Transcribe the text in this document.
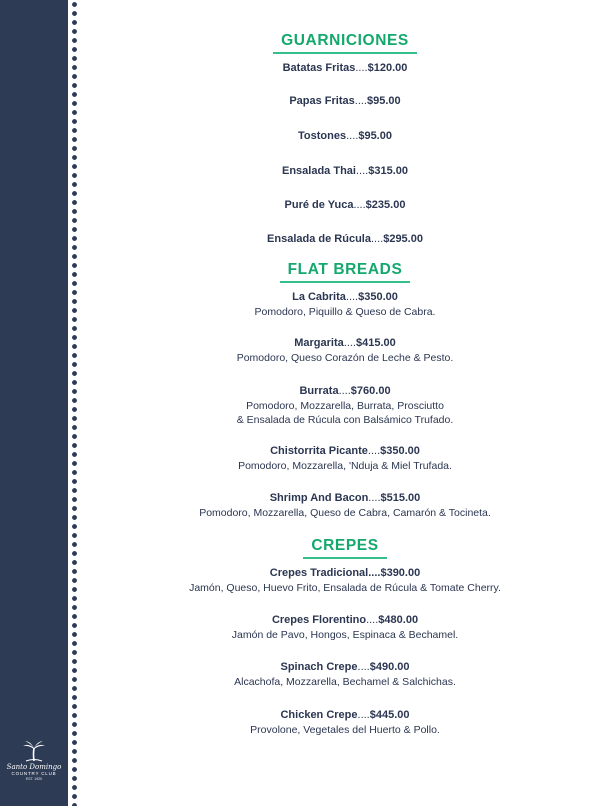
Santo Domingo
COUNTRY CLUB
EST. 1920
GUARNICIONES
Batatas Fritas....$120.00
Papas Fritas....$95.00
Tostones....$95.00
Ensalada Thai....$315.00
Puré de Yuca....$235.00
Ensalada de Rúcula....$295.00
FLAT BREADS
La Cabrita....$350.00
Pomodoro, Piquillo & Queso de Cabra.
Margarita....$415.00
Pomodoro, Queso Corazón de Leche & Pesto.
Burrata....$760.00
Pomodoro, Mozzarella, Burrata, Prosciutto
& Ensalada de Rúcula con Balsámico Trufado.
Chistorrita Picante....$350.00
Pomodoro, Mozzarella, 'Nduja & Miel Trufada.
Shrimp And Bacon....$515.00
Pomodoro, Mozzarella, Queso de Cabra, Camarón & Tocineta.
CREPES
Crepes Tradicional....$390.00
Jamón, Queso, Huevo Frito, Ensalada de Rúcula & Tomate Cherry.
Crepes Florentino....$480.00
Jamón de Pavo, Hongos, Espinaca & Bechamel.
Spinach Crepe....$490.00
Alcachofa, Mozzarella, Bechamel & Salchichas.
Chicken Crepe....$445.00
Provolone, Vegetales del Huerto & Pollo.
